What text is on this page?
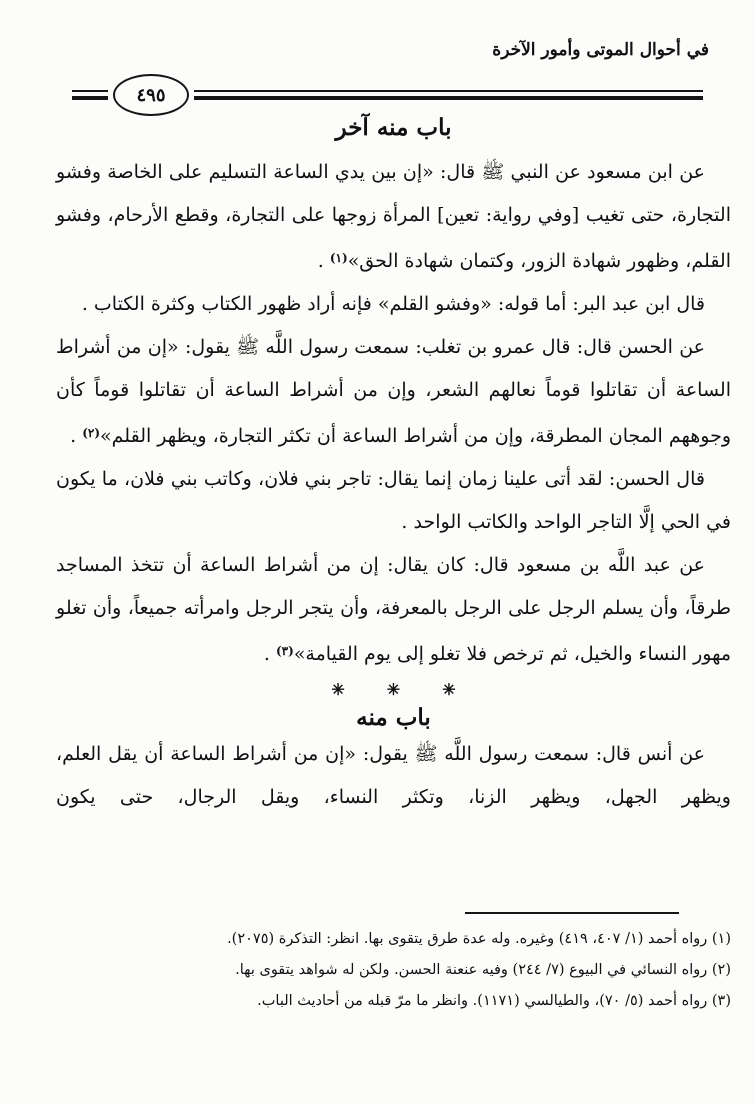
في أحوال الموتى وأمور الآخرة
٤٩٥
باب منه آخر

عن ابن مسعود عن النبي ﷺ قال: «إن بين يدي الساعة التسليم على الخاصة وفشو التجارة، حتى تغيب [وفي رواية: تعين] المرأة زوجها على التجارة، وقطع الأرحام، وفشو القلم، وظهور شهادة الزور، وكتمان شهادة الحق»$^{(١)}$ .

قال ابن عبد البر: أما قوله: «وفشو القلم» فإنه أراد ظهور الكتاب وكثرة الكتاب .

عن الحسن قال: قال عمرو بن تغلب: سمعت رسول اللَّه ﷺ يقول: «إن من أشراط الساعة أن تقاتلوا قوماً نعالهم الشعر، وإن من أشراط الساعة أن تقاتلوا قوماً كأن وجوههم المجان المطرقة، وإن من أشراط الساعة أن تكثر التجارة، ويظهر القلم»$^{(٢)}$ .

قال الحسن: لقد أتى علينا زمان إنما يقال: تاجر بني فلان، وكاتب بني فلان، ما يكون في الحي إلَّا التاجر الواحد والكاتب الواحد .

عن عبد اللَّه بن مسعود قال: كان يقال: إن من أشراط الساعة أن تتخذ المساجد طرقاً، وأن يسلم الرجل على الرجل بالمعرفة، وأن يتجر الرجل وامرأته جميعاً، وأن تغلو مهور النساء والخيل، ثم ترخص فلا تغلو إلى يوم القيامة»$^{(٣)}$ .

✳✳✳
باب منه

عن أنس قال: سمعت رسول اللَّه ﷺ يقول: «إن من أشراط الساعة أن يقل العلم، ويظهر الجهل، ويظهر الزنا، وتكثر النساء، ويقل الرجال، حتى يكون

(١) رواه أحمد (١/ ٤٠٧، ٤١٩) وغيره. وله عدة طرق يتقوى بها. انظر: التذكرة (٢٠٧٥).

(٢) رواه النسائي في البيوع (٧/ ٢٤٤) وفيه عنعنة الحسن. ولكن له شواهد يتقوى بها.

(٣) رواه أحمد (٥/ ٧٠)، والطيالسي (١١٧١). وانظر ما مرّ قبله من أحاديث الباب.
